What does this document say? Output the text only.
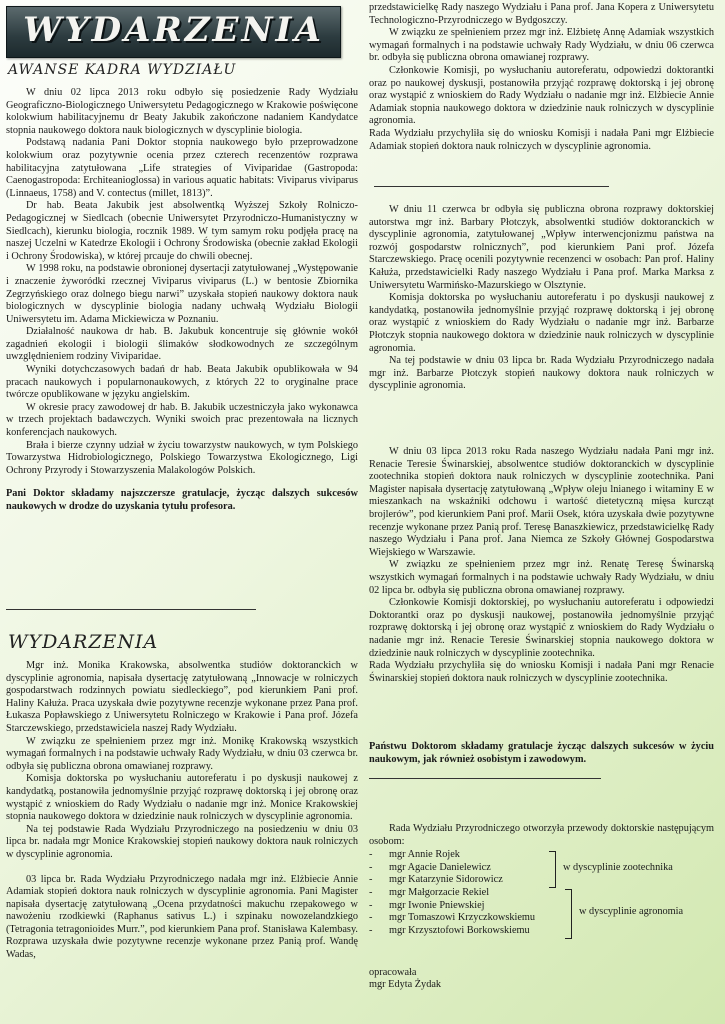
WYDARZENIA
AWANSE KADRA WYDZIAŁU

W dniu 02 lipca 2013 roku odbyło się posiedzenie Rady Wydziału Geograficzno-Biologicznego Uniwersytetu Pedagogicznego w Krakowie poświęcone kolokwium habilitacyjnemu dr Beaty Jakubik zakończone nadaniem Kandydatce stopnia naukowego doktora nauk biologicznych w dyscyplinie biologia.

Podstawą nadania Pani Doktor stopnia naukowego było przeprowadzone kolokwium oraz pozytywnie ocenia przez czterech recenzentów rozprawa habilitacyjna zatytułowana „Life strategies of Viviparidae (Gastropoda: Caenogastropoda: Erchiteanioglossa) in various aquatic habitats: Viviparus viviparus (Linnaeus, 1758) and V. contectus (millet, 1813)”.

Dr hab. Beata Jakubik jest absolwentką Wyższej Szkoły Rolniczo-Pedagogicznej w Siedlcach (obecnie Uniwersytet Przyrodniczo-Humanistyczny w Siedlcach), kierunku biologia, rocznik 1989. W tym samym roku podjęła pracę na naszej Uczelni w Katedrze Ekologii i Ochrony Środowiska (obecnie zakład Ekologii i Ochrony Środowiska), w której prcauje do chwili obecnej.

W 1998 roku, na podstawie obronionej dysertacji zatytułowanej „Występowanie i znaczenie żyworódki rzecznej Viviparus viviparus (L.) w bentosie Zbiornika Zegrzyńskiego oraz dolnego biegu narwi” uzyskała stopień naukowy doktora nauk biologicznych w dyscyplinie biologia nadany uchwałą Wydziału Biologii Uniwersytetu im. Adama Mickiewicza w Poznaniu.

Działalność naukowa dr hab. B. Jakubuk koncentruje się głównie wokół zagadnień ekologii i biologii ślimaków słodkowodnych ze szczególnym uwzględnieniem rodziny Viviparidae.

Wyniki dotychczasowych badań dr hab. Beata Jakubik opublikowała w 94 pracach naukowych i popularnonaukowych, z których 22 to oryginalne prace twórcze opublikowane w języku angielskim.

W okresie pracy zawodowej dr hab. B. Jakubik uczestniczyła jako wykonawca w trzech projektach badawczych. Wyniki swoich prac prezentowała na licznych konferencjach naukowych.

Brała i bierze czynny udział w życiu towarzystw naukowych, w tym Polskiego Towarzystwa Hidrobiologicznego, Polskiego Towarzystwa Ekologicznego, Ligi Ochrony Przyrody i Stowarzyszenia Malakologów Polskich.

Pani Doktor składamy najszczersze gratulacje, życząc dalszych sukcesów naukowych w drodze do uzyskania tytułu profesora.

WYDARZENIA

Mgr inż. Monika Krakowska, absolwentka studiów doktoranckich w dyscyplinie agronomia, napisała dysertację zatytułowaną „Innowacje w rolniczych gospodarstwach rodzinnych powiatu siedleckiego”, pod kierunkiem Pani prof. Haliny Kałuża. Praca uzyskała dwie pozytywne recenzje wykonane przez Pana prof. Łukasza Popławskiego z Uniwersytetu Rolniczego w Krakowie i Pana prof. Józefa Starczewskiego, przedstawiciela naszej Rady Wydziału.

W związku ze spełnieniem przez mgr inż. Monikę Krakowską wszystkich wymagań formalnych i na podstawie uchwały Rady Wydziału, w dniu 03 czerwca br. odbyła się publiczna obrona omawianej rozprawy.

Komisja doktorska po wysłuchaniu autoreferatu i po dyskusji naukowej z kandydatką, postanowiła jednomyślnie przyjąć rozprawę doktorską i jej obronę oraz wystąpić z wnioskiem do Rady Wydziału o nadanie mgr inż. Monice Krakowskiej stopnia naukowego doktora w dziedzinie nauk rolniczych w dyscyplinie agronomia.

Na tej podstawie Rada Wydziału Przyrodniczego na posiedzeniu w dniu 03 lipca br. nadała mgr Monice Krakowskiej stopień naukowy doktora nauk rolniczych w dyscyplinie agronomia.

03 lipca br. Rada Wydziału Przyrodniczego nadała mgr inż. Elżbiecie Annie Adamiak stopień doktora nauk rolniczych w dyscyplinie agronomia. Pani Magister napisała dysertację zatytułowaną „Ocena przydatności makuchu rzepakowego w nawożeniu rzodkiewki (Raphanus sativus L.) i szpinaku nowozelandzkiego (Tetragonia tetragonioides Murr.”, pod kierunkiem Pana prof. Stanisława Kalembasy. Rozprawa uzyskała dwie pozytywne recenzje wykonane przez Panią prof. Wandę Wadas,

przedstawicielkę Rady naszego Wydziału i Pana prof. Jana Kopera z Uniwersytetu Technologiczno-Przyrodniczego w Bydgoszczy.

W związku ze spełnieniem przez mgr inż. Elżbietę Annę Adamiak wszystkich wymagań formalnych i na podstawie uchwały Rady Wydziału, w dniu 06 czerwca br. odbyła się publiczna obrona omawianej rozprawy.

Członkowie Komisji, po wysłuchaniu autoreferatu, odpowiedzi doktorantki oraz po naukowej dyskusji, postanowiła przyjąć rozprawę doktorską i jej obronę oraz wystąpić z wnioskiem do Rady Wydziału o nadanie mgr inż. Elżbiecie Annie Adamiak stopnia naukowego doktora w dziedzinie nauk rolniczych w dyscyplinie agronomia.

Rada Wydziału przychyliła się do wniosku Komisji i nadała Pani mgr Elżbiecie Adamiak stopień doktora nauk rolniczych w dyscyplinie agronomia.

W dniu 11 czerwca br odbyła się publiczna obrona rozprawy doktorskiej autorstwa mgr inż. Barbary Płotczyk, absolwentki studiów doktoranckich w dyscyplinie agronomia, zatytułowanej „Wpływ interwencjonizmu państwa na rozwój gospodarstw rolnicznych”, pod kierunkiem Pani prof. Józefa Starczewskiego. Pracę ocenili pozytywnie recenzenci w osobach: Pan prof. Haliny Kałuża, przedstawicielki Rady naszego Wydziału i Pana prof. Marka Marksa z Uniwersytetu Warmińsko-Mazurskiego w Olsztynie.

Komisja doktorska po wysłuchaniu autoreferatu i po dyskusji naukowej z kandydatką, postanowiła jednomyślnie przyjąć rozprawę doktorską i jej obronę oraz wystąpić z wnioskiem do Rady Wydziału o nadanie mgr inż. Barbarze Płotczyk stopnia naukowego doktora w dziedzinie nauk rolniczych w dyscyplinie agronomia.

Na tej podstawie w dniu 03 lipca br. Rada Wydziału Przyrodniczego nadała mgr inż. Barbarze Płotczyk stopień naukowy doktora nauk rolniczych w dyscyplinie agronomia.

W dniu 03 lipca 2013 roku Rada naszego Wydziału nadała Pani mgr inż. Renacie Teresie Świnarskiej, absolwentce studiów doktoranckich w dyscyplinie zootechnika stopień doktora nauk rolniczych w dyscyplinie zootechnika. Pani Magister napisała dysertację zatytułowaną „Wpływ oleju lnianego i witaminy E w mieszankach na wskaźniki odchowu i wartość dietetyczną mięsa kurcząt brojlerów”, pod kierunkiem Pani prof. Marii Osek, która uzyskała dwie pozytywne recenzje wykonane przez Panią prof. Teresę Banaszkiewicz, przedstawicielkę Rady naszego Wydziału i Pana prof. Jana Niemca ze Szkoły Głównej Gospodarstwa Wiejskiego w Warszawie.

W związku ze spełnieniem przez mgr inż. Renatę Teresę Świnarską wszystkich wymagań formalnych i na podstawie uchwały Rady Wydziału, w dniu 02 lipca br. odbyła się publiczna obrona omawianej rozprawy.

Członkowie Komisji doktorskiej, po wysłuchaniu autoreferatu i odpowiedzi Doktorantki oraz po dyskusji naukowej, postanowiła jednomyślnie przyjąć rozprawę doktorską i jej obronę oraz wystąpić z wnioskiem do Rady Wydziału o nadanie mgr inż. Renacie Teresie Świnarskiej stopnia naukowego doktora w dziedzinie nauk rolniczych w dyscyplinie zootechnika.

Rada Wydziału przychyliła się do wniosku Komisji i nadała Pani mgr Renacie Świnarskiej stopień doktora nauk rolniczych w dyscyplinie zootechnika.

Państwu Doktorom składamy gratulacje życząc dalszych sukcesów w życiu naukowym, jak również osobistym i zawodowym.

Rada Wydziału Przyrodniczego otworzyła przewody doktorskie następującym osobom:

- mgr Annie Rojek
- mgr Agacie Danielewicz
- mgr Katarzynie Sidorowicz
w dyscyplinie zootechnika
- mgr Małgorzacie Rekiel
- mgr Iwonie Pniewskiej
- mgr Tomaszowi Krzyczkowskiemu
- mgr Krzysztofowi Borkowskiemu
w dyscyplinie agronomia

opracowała

mgr Edyta Żydak
